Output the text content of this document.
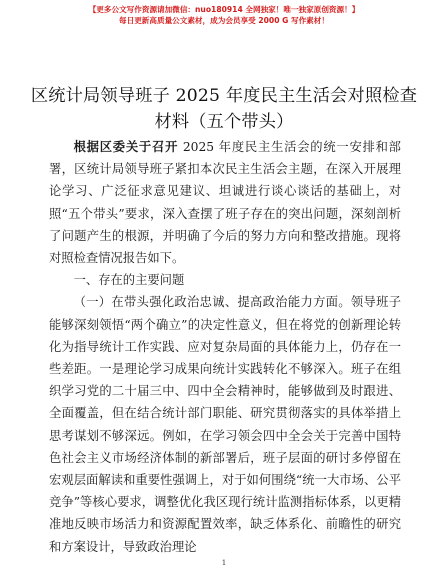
【更多公文写作资源请加微信：nuo180914 全网独家！唯一独家原创资源！】
每日更新高质量公文素材，成为会员享受 2000 G 写作素材！
区统计局领导班子 2025 年度民主生活会对照检查材料（五个带头）

根据区委关于召开 2025 年度民主生活会的统一安排和部署，区统计局领导班子紧扣本次民主生活会主题，在深入开展理论学习、广泛征求意见建议、坦诚进行谈心谈话的基础上，对照“五个带头”要求，深入查摆了班子存在的突出问题，深刻剖析了问题产生的根源，并明确了今后的努力方向和整改措施。现将对照检查情况报告如下。

一、存在的主要问题

（一）在带头强化政治忠诚、提高政治能力方面。领导班子能够深刻领悟“两个确立”的决定性意义，但在将党的创新理论转化为指导统计工作实践、应对复杂局面的具体能力上，仍存在一些差距。一是理论学习成果向统计实践转化不够深入。班子在组织学习党的二十届三中、四中全会精神时，能够做到及时跟进、全面覆盖，但在结合统计部门职能、研究贯彻落实的具体举措上思考谋划不够深远。例如，在学习领会四中全会关于完善中国特色社会主义市场经济体制的新部署后，班子层面的研讨多停留在宏观层面解读和重要性强调上，对于如何围绕“统一大市场、公平竞争”等核心要求，调整优化我区现行统计监测指标体系，以更精准地反映市场活力和资源配置效率，缺乏体系化、前瞻性的研究和方案设计，导致政治理论

1
